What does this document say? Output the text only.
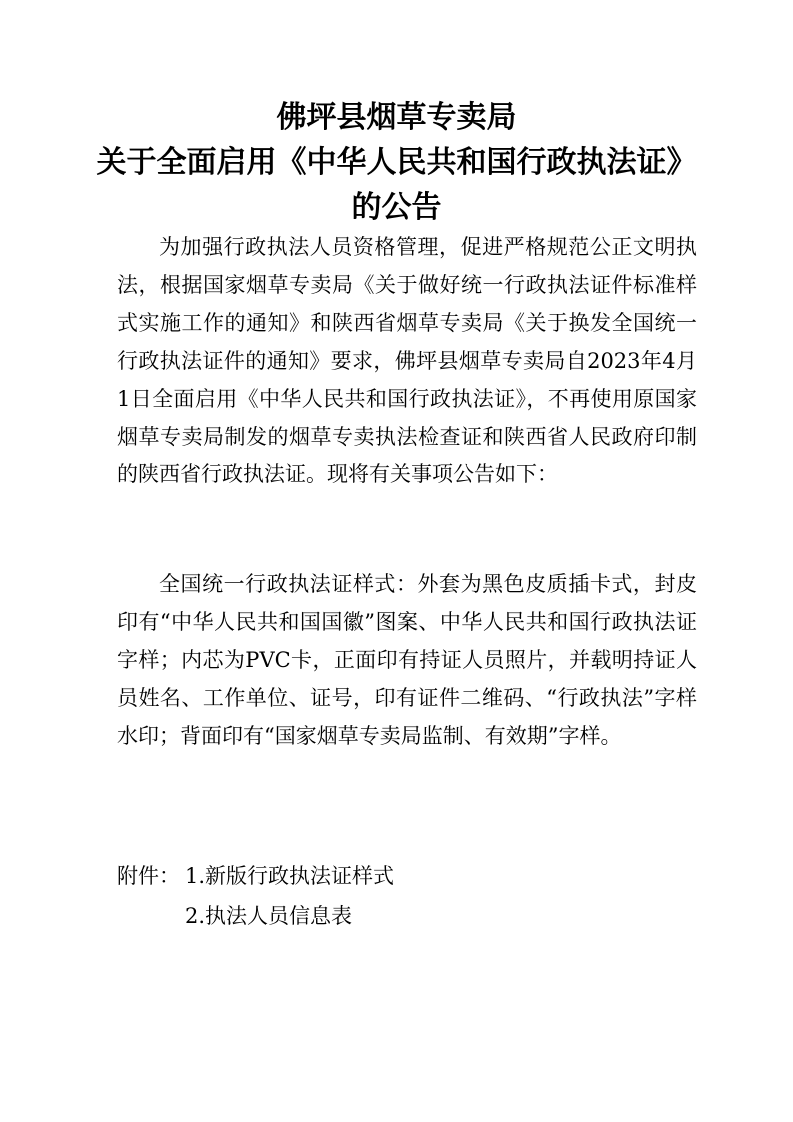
佛坪县烟草专卖局
关于全面启用《中华人民共和国行政执法证》
的公告

为加强行政执法人员资格管理，促进严格规范公正文明执法，根据国家烟草专卖局《关于做好统一行政执法证件标准样式实施工作的通知》和陕西省烟草专卖局《关于换发全国统一行政执法证件的通知》要求，佛坪县烟草专卖局自2023年4月1日全面启用《中华人民共和国行政执法证》，不再使用原国家烟草专卖局制发的烟草专卖执法检查证和陕西省人民政府印制的陕西省行政执法证。现将有关事项公告如下：

全国统一行政执法证样式：外套为黑色皮质插卡式，封皮印有“中华人民共和国国徽”图案、中华人民共和国行政执法证字样；内芯为PVC卡，正面印有持证人员照片，并载明持证人员姓名、工作单位、证号，印有证件二维码、“行政执法”字样水印；背面印有“国家烟草专卖局监制、有效期”字样。

附件： 1.新版行政执法证样式
2.执法人员信息表
